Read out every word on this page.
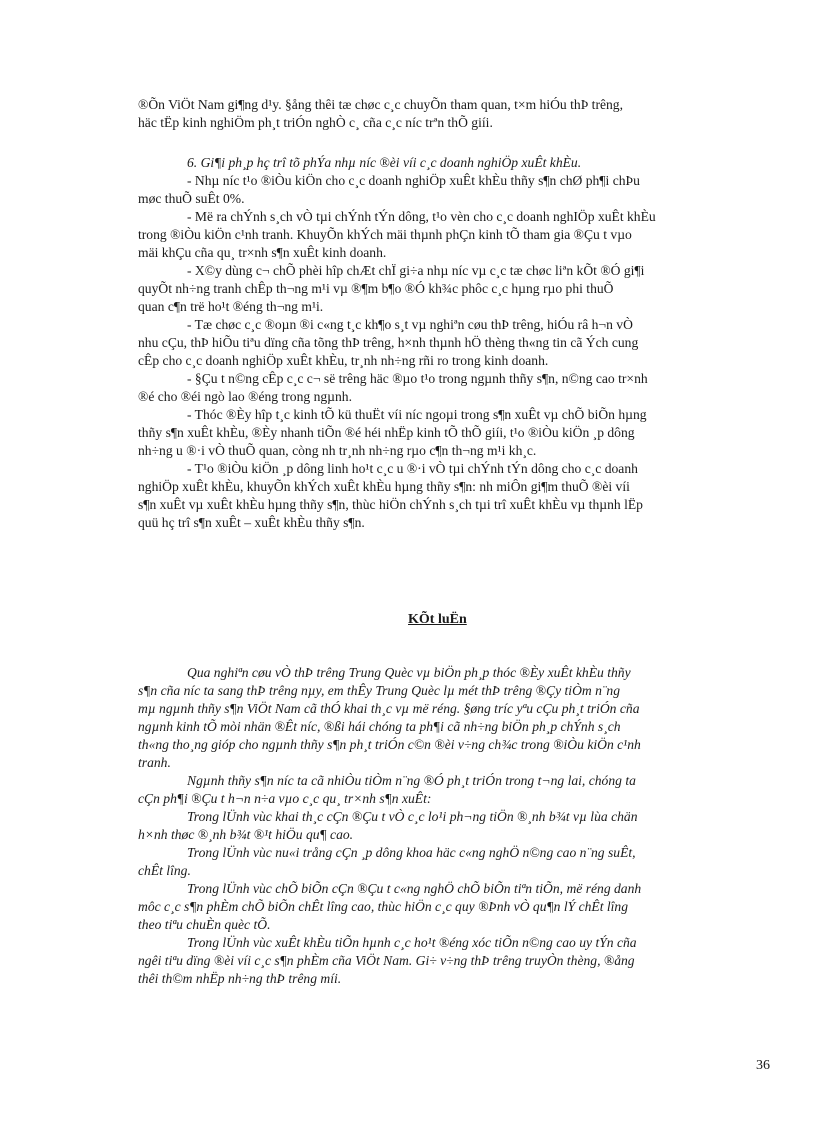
®Õn ViÖt Nam gi¶ng d¹y. §ång thêi tæ chøc c¸c chuyÕn tham quan, t×m hiÓu thÞ trêng,
häc tËp kinh nghiÖm ph¸t triÓn nghÒ c¸ cña c¸c níc trªn thÕ giíi.
6. Gi¶i ph¸p hç trî tõ phÝa nhµ níc ®èi víi c¸c doanh nghiÖp xuÊt khÈu.
- Nhµ níc t¹o ®iÒu kiÖn cho c¸c doanh nghiÖp xuÊt khÈu thñy s¶n chØ ph¶i chÞu
møc thuÕ suÊt 0%.
- Më ra chÝnh s¸ch vÒ tµi chÝnh tÝn dông, t¹o vèn cho c¸c doanh nghIÖp xuÊt khÈu
trong ®iÒu kiÖn c¹nh tranh. KhuyÕn khÝch mäi thµnh phÇn kinh tÕ tham gia ®Çu t vµo
mäi khÇu cña qu¸ tr×nh s¶n xuÊt kinh doanh.
- X©y dùng c¬ chÕ phèi hîp chÆt chÏ gi÷a nhµ níc vµ c¸c tæ chøc liªn kÕt ®Ó gi¶i
quyÕt nh÷ng tranh chÊp th¬ng m¹i vµ ®¶m b¶o ®Ó kh¾c phôc c¸c hµng rµo phi thuÕ
quan c¶n trë ho¹t ®éng th¬ng m¹i.
- Tæ chøc c¸c ®oµn ®i c«ng t¸c kh¶o s¸t vµ nghiªn cøu thÞ trêng, hiÓu râ h¬n vÒ
nhu cÇu, thÞ hiÕu tiªu dïng cña tõng thÞ trêng, h×nh thµnh hÖ thèng th«ng tin cã Ých cung
cÊp cho c¸c doanh nghiÖp xuÊt khÈu, tr¸nh nh÷ng rñi ro trong kinh doanh.
- §Çu t n©ng cÊp c¸c c¬ së trêng häc ®µo t¹o trong ngµnh thñy s¶n, n©ng cao tr×nh
®é cho ®éi ngò lao ®éng trong ngµnh.
- Thóc ®Èy hîp t¸c kinh tÕ kü thuËt víi níc ngoµi trong s¶n xuÊt vµ chÕ biÕn hµng
thñy s¶n xuÊt khÈu, ®Èy nhanh tiÕn ®é héi nhËp kinh tÕ thÕ giíi, t¹o ®iÒu kiÖn ¸p dông
nh÷ng u ®·i vÒ thuÕ quan, còng nh tr¸nh nh÷ng rµo c¶n th¬ng m¹i kh¸c.
- T¹o ®iÒu kiÖn ¸p dông linh ho¹t c¸c u ®·i vÒ tµi chÝnh tÝn dông cho c¸c doanh
nghiÖp xuÊt khÈu, khuyÕn khÝch xuÊt khÈu hµng thñy s¶n: nh miÔn gi¶m thuÕ ®èi víi
s¶n xuÊt vµ xuÊt khÈu hµng thñy s¶n, thùc hiÖn chÝnh s¸ch tµi trî xuÊt khÈu vµ thµnh lËp
quü hç trî s¶n xuÊt – xuÊt khÈu thñy s¶n.
KÕt luËn
Qua nghiªn cøu vÒ thÞ trêng Trung Quèc vµ biÖn ph¸p thóc ®Èy xuÊt khÈu thñy
s¶n cña níc ta sang thÞ trêng nµy, em thÊy Trung Quèc lµ mét thÞ trêng ®Çy tiÒm n¨ng
mµ ngµnh thñy s¶n ViÖt Nam cã thÓ khai th¸c vµ më réng. §øng tríc yªu cÇu ph¸t triÓn cña
ngµnh kinh tÕ mòi nhän ®Êt níc, ®ßi hái chóng ta ph¶i cã nh÷ng biÖn ph¸p chÝnh s¸ch
th«ng tho¸ng gióp cho ngµnh thñy s¶n ph¸t triÓn c©n ®èi v÷ng ch¾c trong ®iÒu kiÖn c¹nh
tranh.
Ngµnh thñy s¶n níc ta cã nhiÒu tiÒm n¨ng ®Ó ph¸t triÓn trong t¬ng lai, chóng ta
cÇn ph¶i ®Çu t h¬n n÷a vµo c¸c qu¸ tr×nh s¶n xuÊt:
Trong lÜnh vùc khai th¸c cÇn ®Çu t vÒ c¸c lo¹i ph¬ng tiÖn ®¸nh b¾t vµ lùa chän
h×nh thøc ®¸nh b¾t ®¹t hiÖu qu¶ cao.
Trong lÜnh vùc nu«i trång cÇn ¸p dông khoa häc c«ng nghÖ n©ng cao n¨ng suÊt,
chÊt lîng.
Trong lÜnh vùc chÕ biÕn cÇn ®Çu t c«ng nghÖ chÕ biÕn tiªn tiÕn, më réng danh
môc c¸c s¶n phÈm chÕ biÕn chÊt lîng cao, thùc hiÖn c¸c quy ®Þnh vÒ qu¶n lÝ chÊt lîng
theo tiªu chuÈn quèc tÕ.
Trong lÜnh vùc xuÊt khÈu tiÕn hµnh c¸c ho¹t ®éng xóc tiÕn n©ng cao uy tÝn cña
ngêi tiªu dïng ®èi víi c¸c s¶n phÈm cña ViÖt Nam. Gi÷ v÷ng thÞ trêng truyÒn thèng, ®ång
thêi th©m nhËp nh÷ng thÞ trêng míi.
36
